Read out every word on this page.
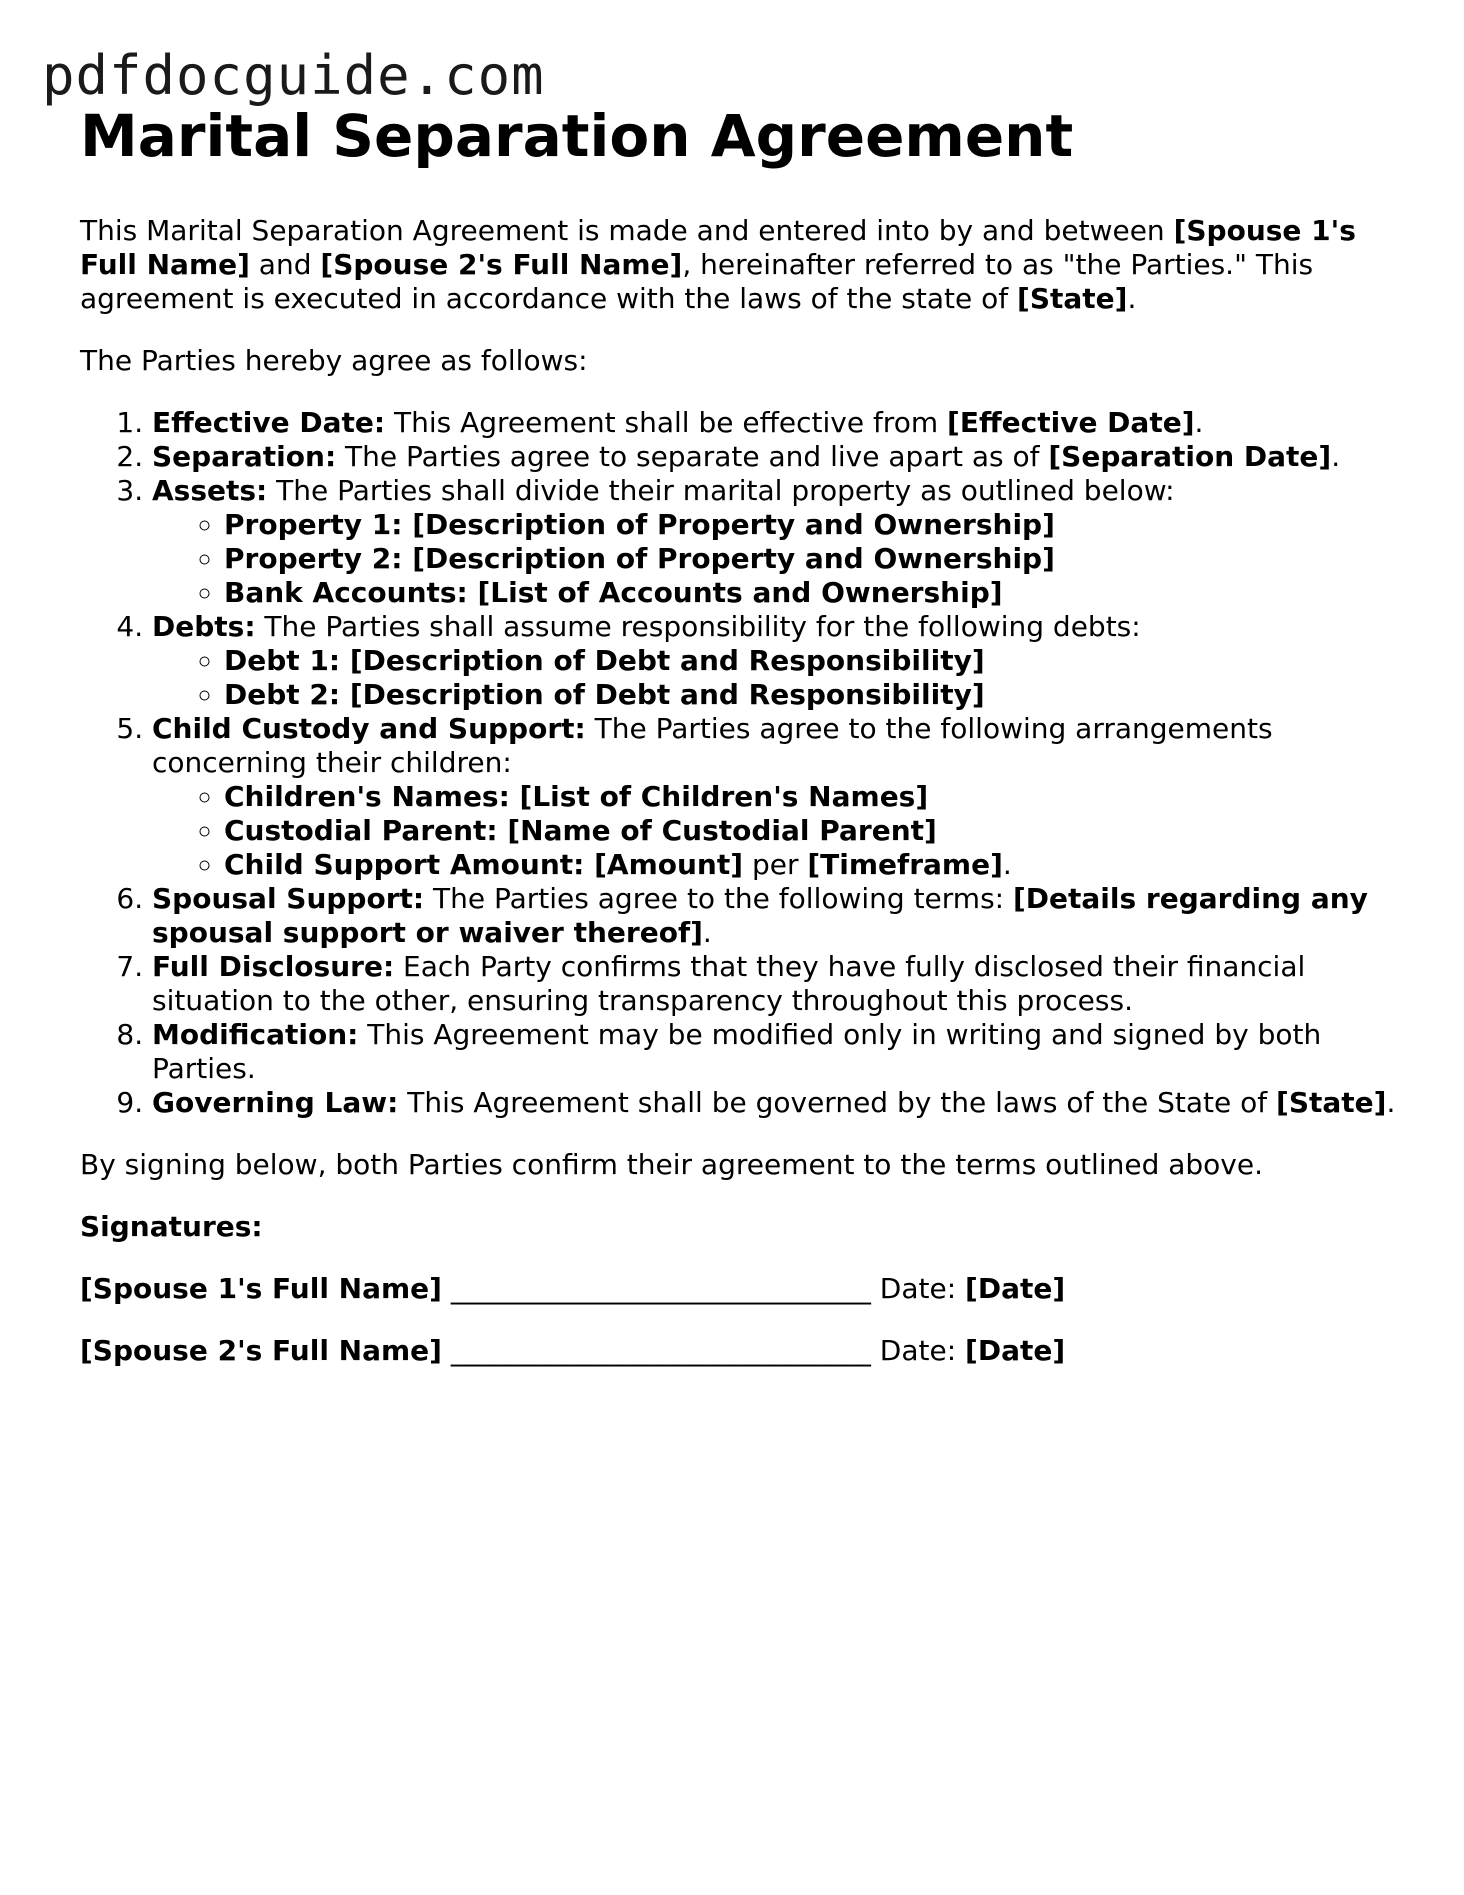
pdfdocguide.com
Marital Separation Agreement

This Marital Separation Agreement is made and entered into by and between [Spouse 1's Full Name] and [Spouse 2's Full Name], hereinafter referred to as "the Parties." This agreement is executed in accordance with the laws of the state of [State].

The Parties hereby agree as follows:

1. Effective Date: This Agreement shall be effective from [Effective Date].
2. Separation: The Parties agree to separate and live apart as of [Separation Date].
3. Assets: The Parties shall divide their marital property as outlined below:
◦ Property 1: [Description of Property and Ownership]
◦ Property 2: [Description of Property and Ownership]
◦ Bank Accounts: [List of Accounts and Ownership]
4. Debts: The Parties shall assume responsibility for the following debts:
◦ Debt 1: [Description of Debt and Responsibility]
◦ Debt 2: [Description of Debt and Responsibility]
5. Child Custody and Support: The Parties agree to the following arrangements concerning their children:
◦ Children's Names: [List of Children's Names]
◦ Custodial Parent: [Name of Custodial Parent]
◦ Child Support Amount: [Amount] per [Timeframe].
6. Spousal Support: The Parties agree to the following terms: [Details regarding any spousal support or waiver thereof].
7. Full Disclosure: Each Party confirms that they have fully disclosed their financial situation to the other, ensuring transparency throughout this process.
8. Modification: This Agreement may be modified only in writing and signed by both Parties.
9. Governing Law: This Agreement shall be governed by the laws of the State of [State].

By signing below, both Parties confirm their agreement to the terms outlined above.

Signatures:

[Spouse 1's Full Name] ______________________________ Date: [Date]

[Spouse 2's Full Name] ______________________________ Date: [Date]
